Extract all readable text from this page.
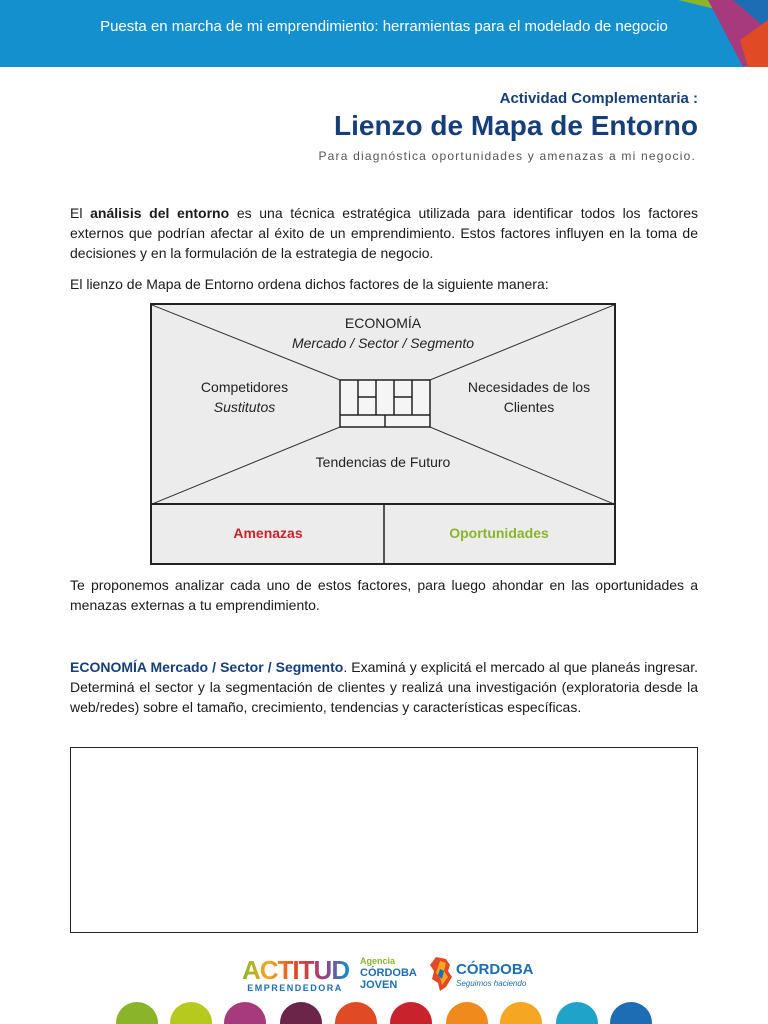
Puesta en marcha de mi emprendimiento: herramientas para el modelado de negocio
Actividad Complementaria :
Lienzo de Mapa de Entorno
Para diagnóstica oportunidades y amenazas a mi negocio.
El análisis del entorno es una técnica estratégica utilizada para identificar todos los factores externos que podrían afectar al éxito de un emprendimiento. Estos factores influyen en la toma de decisiones y en la formulación de la estrategia de negocio.
El lienzo de Mapa de Entorno ordena dichos factores de la siguiente manera:
ECONOMÍA
Mercado / Sector / Segmento
Competidores
Sustitutos
Necesidades de los
Clientes
Tendencias de Futuro
Amenazas	Oportunidades
Te proponemos analizar cada uno de estos factores, para luego ahondar en las oportunidades a menazas externas a tu emprendimiento.
ECONOMÍA Mercado / Sector / Segmento. Examiná y explicitá el mercado al que planeás ingresar. Determiná el sector y la segmentación de clientes y realizá una investigación (exploratoria desde la web/redes) sobre el tamaño, crecimiento, tendencias y características específicas.
ACTITUD
EMPRENDEDORA
Agencia
CÓRDOBA
JOVEN
CÓRDOBA
Seguimos haciendo
